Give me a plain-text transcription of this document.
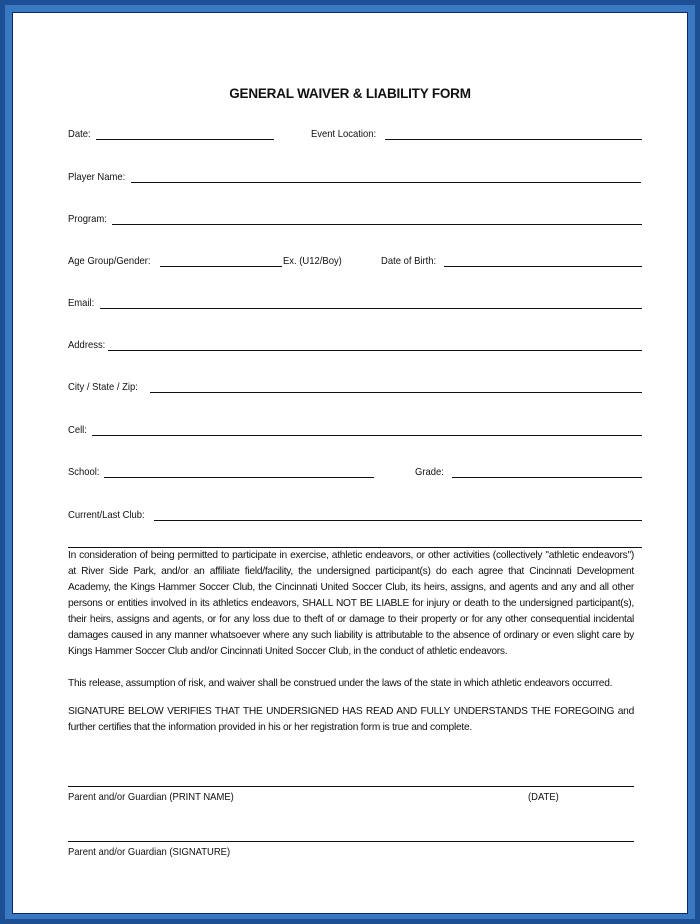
GENERAL WAIVER & LIABILITY FORM
Date:	Event Location:
Player Name:
Program:
Age Group/Gender:	Ex. (U12/Boy)	Date of Birth:
Email:
Address:
City / State / Zip:
Cell:
School:	Grade:
Current/Last Club:
In consideration of being permitted to participate in exercise, athletic endeavors, or other activities (collectively "athletic endeavors") at River Side Park, and/or an affiliate field/facility, the undersigned participant(s) do each agree that Cincinnati Development Academy, the Kings Hammer Soccer Club, the Cincinnati United Soccer Club, its heirs, assigns, and agents and any and all other persons or entities involved in its athletics endeavors, SHALL NOT BE LIABLE for injury or death to the undersigned participant(s), their heirs, assigns and agents, or for any loss due to theft of or damage to their property or for any other consequential incidental damages caused in any manner whatsoever where any such liability is attributable to the absence of ordinary or even slight care by Kings Hammer Soccer Club and/or Cincinnati United Soccer Club, in the conduct of athletic endeavors.
This release, assumption of risk, and waiver shall be construed under the laws of the state in which athletic endeavors occurred.
SIGNATURE BELOW VERIFIES THAT THE UNDERSIGNED HAS READ AND FULLY UNDERSTANDS THE FOREGOING and further certifies that the information provided in his or her registration form is true and complete.
Parent and/or Guardian (PRINT NAME)	(DATE)
Parent and/or Guardian (SIGNATURE)
